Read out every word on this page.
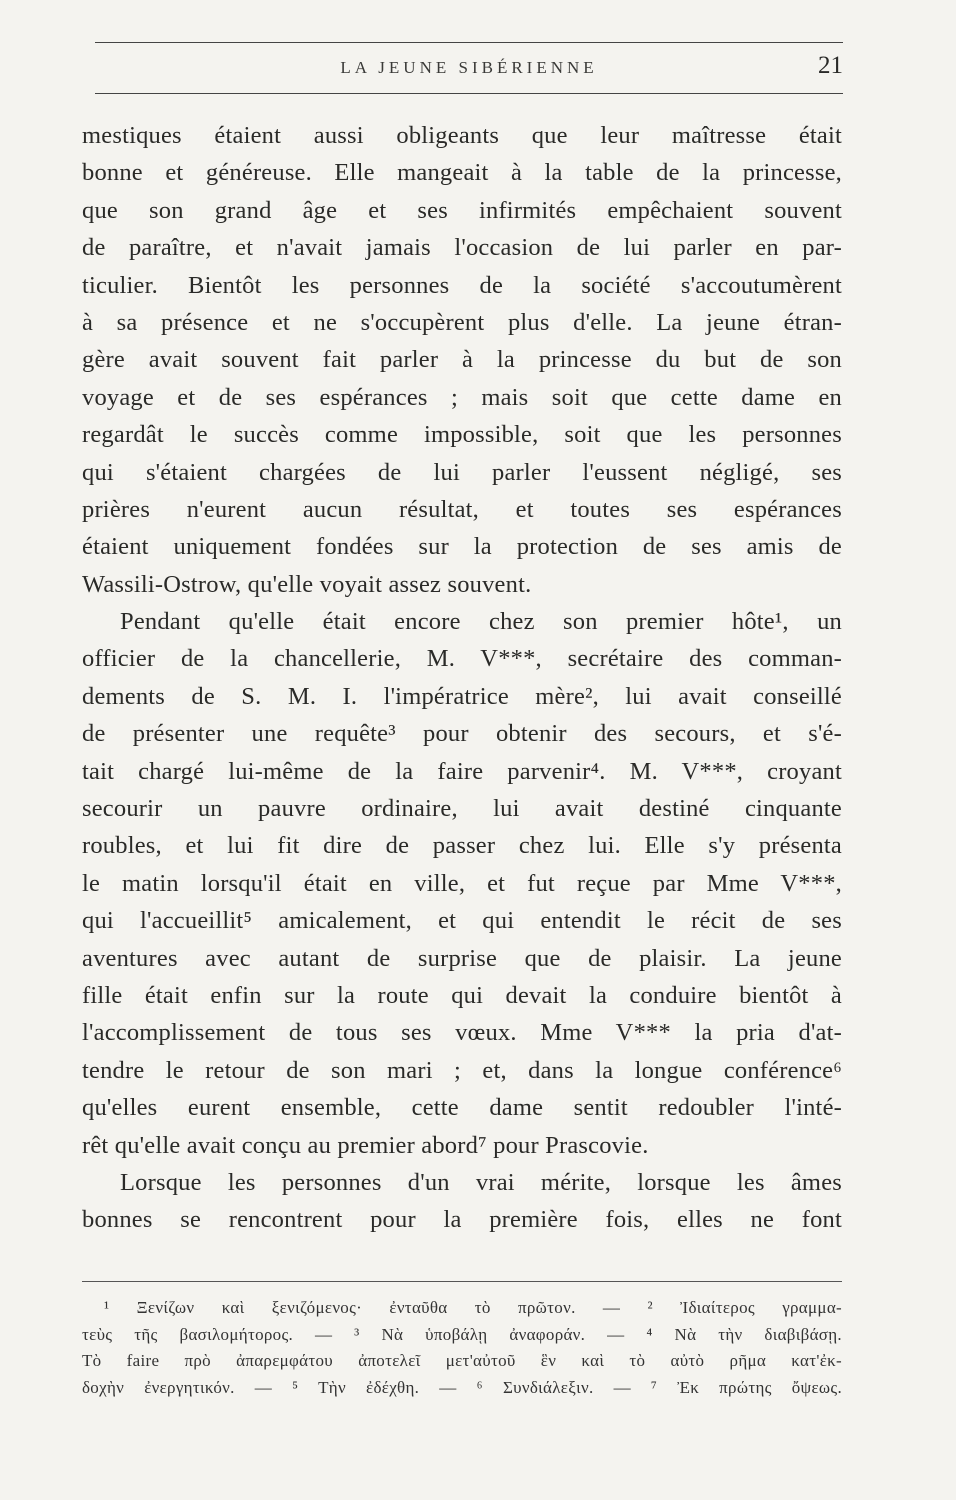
LA JEUNE SIBÉRIENNE	21
mestiques étaient aussi obligeants que leur maîtresse était
bonne et généreuse. Elle mangeait à la table de la princesse,
que son grand âge et ses infirmités empêchaient souvent
de paraître, et n'avait jamais l'occasion de lui parler en par-
ticulier. Bientôt les personnes de la société s'accoutumèrent
à sa présence et ne s'occupèrent plus d'elle. La jeune étran-
gère avait souvent fait parler à la princesse du but de son
voyage et de ses espérances ; mais soit que cette dame en
regardât le succès comme impossible, soit que les personnes
qui s'étaient chargées de lui parler l'eussent négligé, ses
prières n'eurent aucun résultat, et toutes ses espérances
étaient uniquement fondées sur la protection de ses amis de
Wassili-Ostrow, qu'elle voyait assez souvent.
Pendant qu'elle était encore chez son premier hôte¹, un
officier de la chancellerie, M. V***, secrétaire des comman-
dements de S. M. I. l'impératrice mère², lui avait conseillé
de présenter une requête³ pour obtenir des secours, et s'é-
tait chargé lui-même de la faire parvenir⁴. M. V***, croyant
secourir un pauvre ordinaire, lui avait destiné cinquante
roubles, et lui fit dire de passer chez lui. Elle s'y présenta
le matin lorsqu'il était en ville, et fut reçue par Mme V***,
qui l'accueillit⁵ amicalement, et qui entendit le récit de ses
aventures avec autant de surprise que de plaisir. La jeune
fille était enfin sur la route qui devait la conduire bientôt à
l'accomplissement de tous ses vœux. Mme V*** la pria d'at-
tendre le retour de son mari ; et, dans la longue conférence⁶
qu'elles eurent ensemble, cette dame sentit redoubler l'inté-
rêt qu'elle avait conçu au premier abord⁷ pour Prascovie.
Lorsque les personnes d'un vrai mérite, lorsque les âmes
bonnes se rencontrent pour la première fois, elles ne font
¹ Ξενίζων καὶ ξενιζόμενος· ἐνταῦθα τὸ πρῶτον. — ² Ἰδιαίτερος γραμμα-
τεὺς τῆς βασιλομήτορος. — ³ Νὰ ὑποβάλῃ ἀναφοράν. — ⁴ Νὰ τὴν διαβιβάσῃ.
Τὸ faire πρὸ ἀπαρεμφάτου ἀποτελεῖ μετ'αὐτοῦ ἓν καὶ τὸ αὐτὸ ρῆμα κατ'ἐκ-
δοχὴν ἐνεργητικόν. — ⁵ Τὴν ἐδέχθη. — ⁶ Συνδιάλεξιν. — ⁷ Ἐκ πρώτης ὄψεως.
